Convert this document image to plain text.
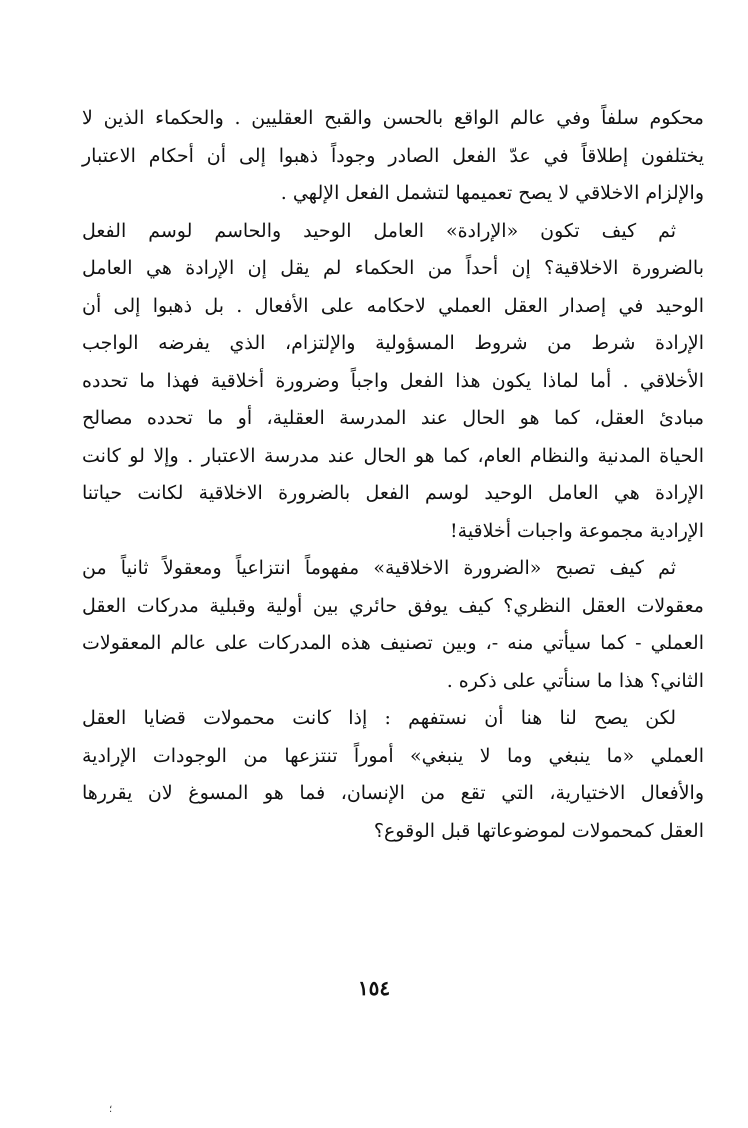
محكوم سلفاً وفي عالم الواقع بالحسن والقبح العقليين . والحكماء الذين لا
يختلفون إطلاقاً في عدّ الفعل الصادر وجوداً ذهبوا إلى أن أحكام الاعتبار
والإلزام الاخلاقي لا يصح تعميمها لتشمل الفعل الإلهي .
ثم كيف تكون «الإرادة» العامل الوحيد والحاسم لوسم الفعل
بالضرورة الاخلاقية؟ إن أحداً من الحكماء لم يقل إن الإرادة هي العامل
الوحيد في إصدار العقل العملي لاحكامه على الأفعال . بل ذهبوا إلى أن
الإرادة شرط من شروط المسؤولية والإلتزام، الذي يفرضه الواجب
الأخلاقي . أما لماذا يكون هذا الفعل واجباً وضرورة أخلاقية فهذا ما تحدده
مبادئ العقل، كما هو الحال عند المدرسة العقلية، أو ما تحدده مصالح
الحياة المدنية والنظام العام، كما هو الحال عند مدرسة الاعتبار . وإلا لو كانت
الإرادة هي العامل الوحيد لوسم الفعل بالضرورة الاخلاقية لكانت حياتنا
الإرادية مجموعة واجبات أخلاقية!
ثم كيف تصبح «الضرورة الاخلاقية» مفهوماً انتزاعياً ومعقولاً ثانياً من
معقولات العقل النظري؟ كيف يوفق حائري بين أولية وقبلية مدركات العقل
العملي - كما سيأتي منه -، وبين تصنيف هذه المدركات على عالم المعقولات
الثاني؟ هذا ما سنأتي على ذكره .
لكن يصح لنا هنا أن نستفهم : إذا كانت محمولات قضايا العقل
العملي «ما ينبغي وما لا ينبغي» أموراً تنتزعها من الوجودات الإرادية
والأفعال الاختيارية، التي تقع من الإنسان، فما هو المسوغ لان يقررها
العقل كمحمولات لموضوعاتها قبل الوقوع؟
١٥٤
؛
